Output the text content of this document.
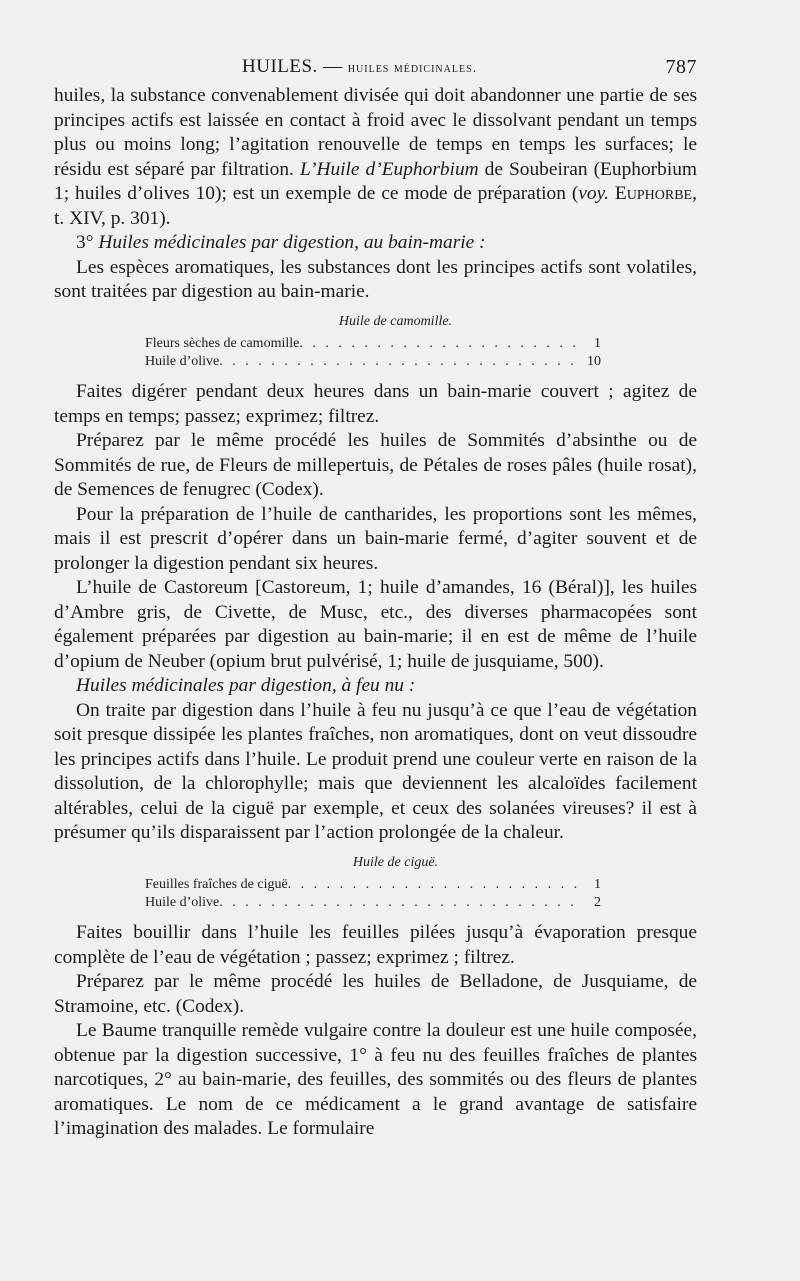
HUILES. — huiles médicinales.	787

huiles, la substance convenablement divisée qui doit abandonner une partie de ses principes actifs est laissée en contact à froid avec le dissolvant pendant un temps plus ou moins long; l’agitation renouvelle de temps en temps les surfaces; le résidu est séparé par filtration. L’Huile d’Euphorbium de Soubeiran (Euphorbium 1; huiles d’olives 10); est un exemple de ce mode de préparation (voy. Euphorbe, t. XIV, p. 301).

3° Huiles médicinales par digestion, au bain-marie :

Les espèces aromatiques, les substances dont les principes actifs sont volatiles, sont traitées par digestion au bain-marie.

Huile de camomille.
Fleurs sèches de camomille . . .	1
Huile d’olive . . .	10

Faites digérer pendant deux heures dans un bain-marie couvert ; agitez de temps en temps; passez; exprimez; filtrez.

Préparez par le même procédé les huiles de Sommités d’absinthe ou de Sommités de rue, de Fleurs de millepertuis, de Pétales de roses pâles (huile rosat), de Semences de fenugrec (Codex).

Pour la préparation de l’huile de cantharides, les proportions sont les mêmes, mais il est prescrit d’opérer dans un bain-marie fermé, d’agiter souvent et de prolonger la digestion pendant six heures.

L’huile de Castoreum [Castoreum, 1; huile d’amandes, 16 (Béral)], les huiles d’Ambre gris, de Civette, de Musc, etc., des diverses pharmacopées sont également préparées par digestion au bain-marie; il en est de même de l’huile d’opium de Neuber (opium brut pulvérisé, 1; huile de jusquiame, 500).

Huiles médicinales par digestion, à feu nu :

On traite par digestion dans l’huile à feu nu jusqu’à ce que l’eau de végétation soit presque dissipée les plantes fraîches, non aromatiques, dont on veut dissoudre les principes actifs dans l’huile. Le produit prend une couleur verte en raison de la dissolution, de la chlorophylle; mais que deviennent les alcaloïdes facilement altérables, celui de la ciguë par exemple, et ceux des solanées vireuses? il est à présumer qu’ils disparaissent par l’action prolongée de la chaleur.

Huile de ciguë.
Feuilles fraîches de ciguë . . .	1
Huile d’olive . . .	2

Faites bouillir dans l’huile les feuilles pilées jusqu’à évaporation presque complète de l’eau de végétation ; passez; exprimez ; filtrez.

Préparez par le même procédé les huiles de Belladone, de Jusquiame, de Stramoine, etc. (Codex).

Le Baume tranquille remède vulgaire contre la douleur est une huile composée, obtenue par la digestion successive, 1° à feu nu des feuilles fraîches de plantes narcotiques, 2° au bain-marie, des feuilles, des sommités ou des fleurs de plantes aromatiques. Le nom de ce médicament a le grand avantage de satisfaire l’imagination des malades. Le formulaire
